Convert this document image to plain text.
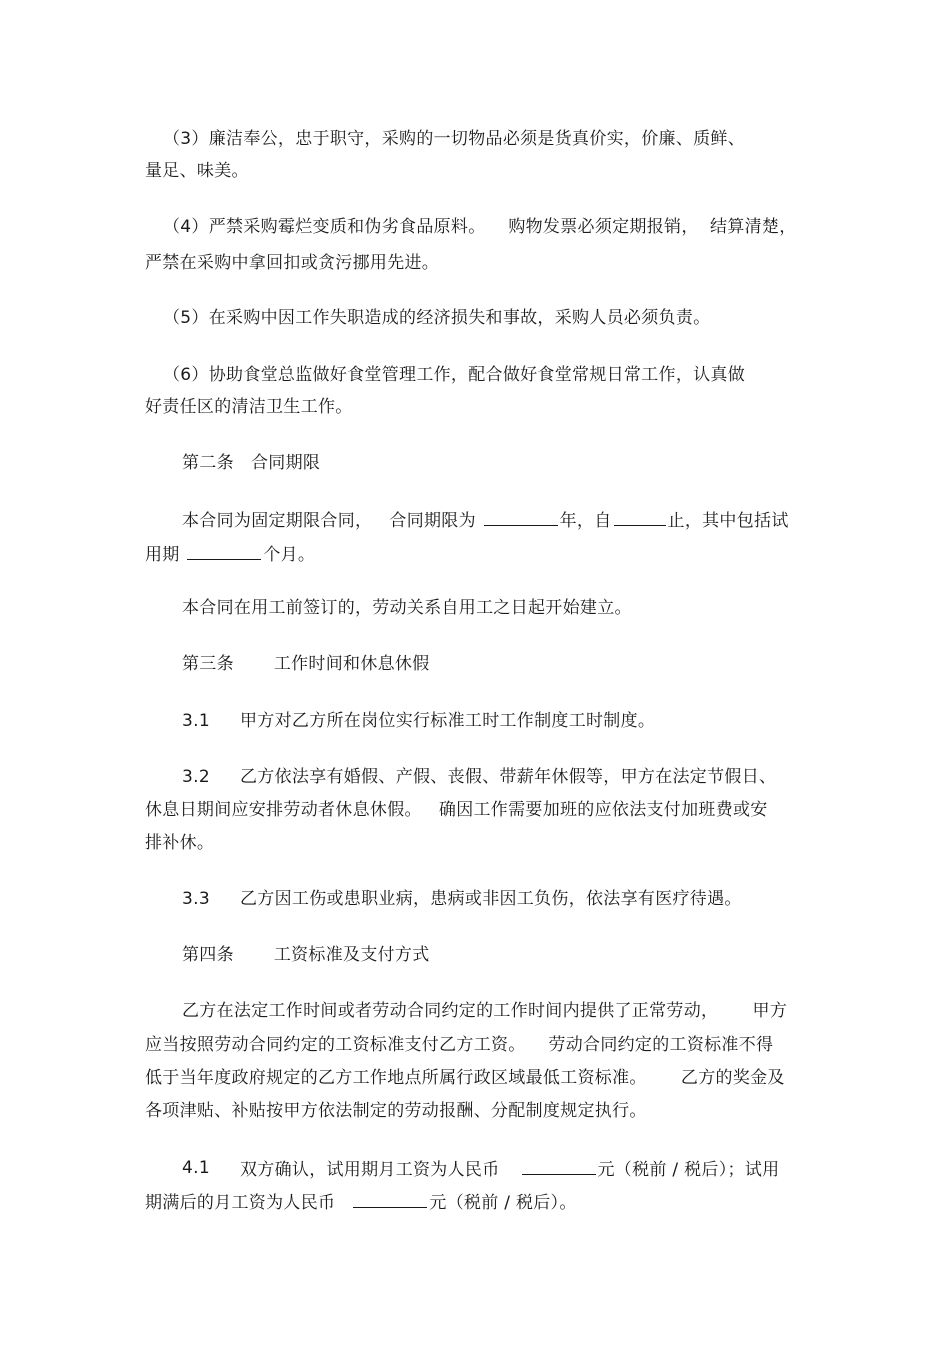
（3）廉洁奉公，忠于职守，采购的一切物品必须是货真价实，价廉、质鲜、
量足、味美。
（4）严禁采购霉烂变质和伪劣食品原料。    购物发票必须定期报销，  结算清楚，
严禁在采购中拿回扣或贪污挪用先进。
（5）在采购中因工作失职造成的经济损失和事故，采购人员必须负责。
（6）协助食堂总监做好食堂管理工作，配合做好食堂常规日常工作，认真做
好责任区的清洁卫生工作。
第二条   合同期限
本合同为固定期限合同，   合同期限为	年，自	止，其中包括试
用期	个月。
本合同在用工前签订的，劳动关系自用工之日起开始建立。
第三条       工作时间和休息休假
3.1 甲方对乙方所在岗位实行标准工时工作制度工时制度。
3.2 乙方依法享有婚假、产假、丧假、带薪年休假等，甲方在法定节假日、
休息日期间应安排劳动者休息休假。   确因工作需要加班的应依法支付加班费或安
排补休。
3.3 乙方因工伤或患职业病，患病或非因工负伤，依法享有医疗待遇。
第四条       工资标准及支付方式
乙方在法定工作时间或者劳动合同约定的工作时间内提供了正常劳动，      甲方
应当按照劳动合同约定的工资标准支付乙方工资。    劳动合同约定的工资标准不得
低于当年度政府规定的乙方工作地点所属行政区域最低工资标准。      乙方的奖金及
各项津贴、补贴按甲方依法制定的劳动报酬、分配制度规定执行。
4.1 双方确认，试用期月工资为人民币	元（税前 / 税后）；试用
期满后的月工资为人民币	元（税前 / 税后）。
